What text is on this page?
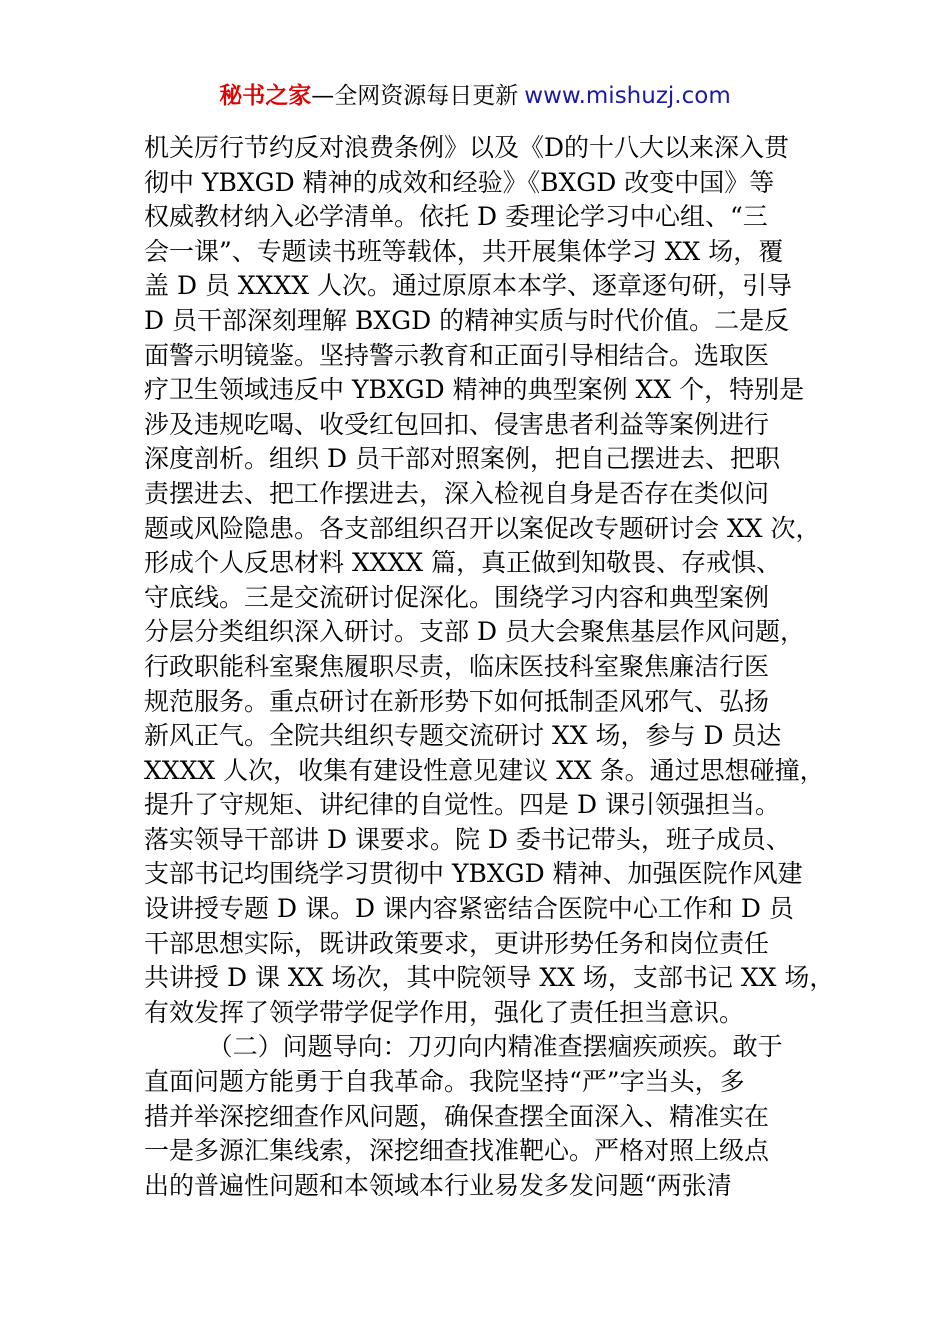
秘书之家—全网资源每日更新 www.mishuzj.com
机关厉行节约反对浪费条例》以及《D的十八大以来深入贯
彻中 YBXGD 精神的成效和经验》《BXGD 改变中国》等
权威教材纳入必学清单。依托 D 委理论学习中心组、“三
会一课”、专题读书班等载体，共开展集体学习 XX 场，覆
盖 D 员 XXXX 人次。通过原原本本学、逐章逐句研，引导
D 员干部深刻理解 BXGD 的精神实质与时代价值。二是反
面警示明镜鉴。坚持警示教育和正面引导相结合。选取医
疗卫生领域违反中 YBXGD 精神的典型案例 XX 个，特别是
涉及违规吃喝、收受红包回扣、侵害患者利益等案例进行
深度剖析。组织 D 员干部对照案例，把自己摆进去、把职
责摆进去、把工作摆进去，深入检视自身是否存在类似问
题或风险隐患。各支部组织召开以案促改专题研讨会 XX 次，
形成个人反思材料 XXXX 篇，真正做到知敬畏、存戒惧、
守底线。三是交流研讨促深化。围绕学习内容和典型案例
分层分类组织深入研讨。支部 D 员大会聚焦基层作风问题，
行政职能科室聚焦履职尽责，临床医技科室聚焦廉洁行医
规范服务。重点研讨在新形势下如何抵制歪风邪气、弘扬
新风正气。全院共组织专题交流研讨 XX 场，参与 D 员达
XXXX 人次，收集有建设性意见建议 XX 条。通过思想碰撞，
提升了守规矩、讲纪律的自觉性。四是 D 课引领强担当。
落实领导干部讲 D 课要求。院 D 委书记带头，班子成员、
支部书记均围绕学习贯彻中 YBXGD 精神、加强医院作风建
设讲授专题 D 课。D 课内容紧密结合医院中心工作和 D 员
干部思想实际，既讲政策要求，更讲形势任务和岗位责任
共讲授 D 课 XX 场次，其中院领导 XX 场，支部书记 XX 场，
有效发挥了领学带学促学作用，强化了责任担当意识。
（二）问题导向：刀刃向内精准查摆痼疾顽疾。敢于
直面问题方能勇于自我革命。我院坚持“严”字当头，多
措并举深挖细查作风问题，确保查摆全面深入、精准实在
一是多源汇集线索，深挖细查找准靶心。严格对照上级点
出的普遍性问题和本领域本行业易发多发问题“两张清
